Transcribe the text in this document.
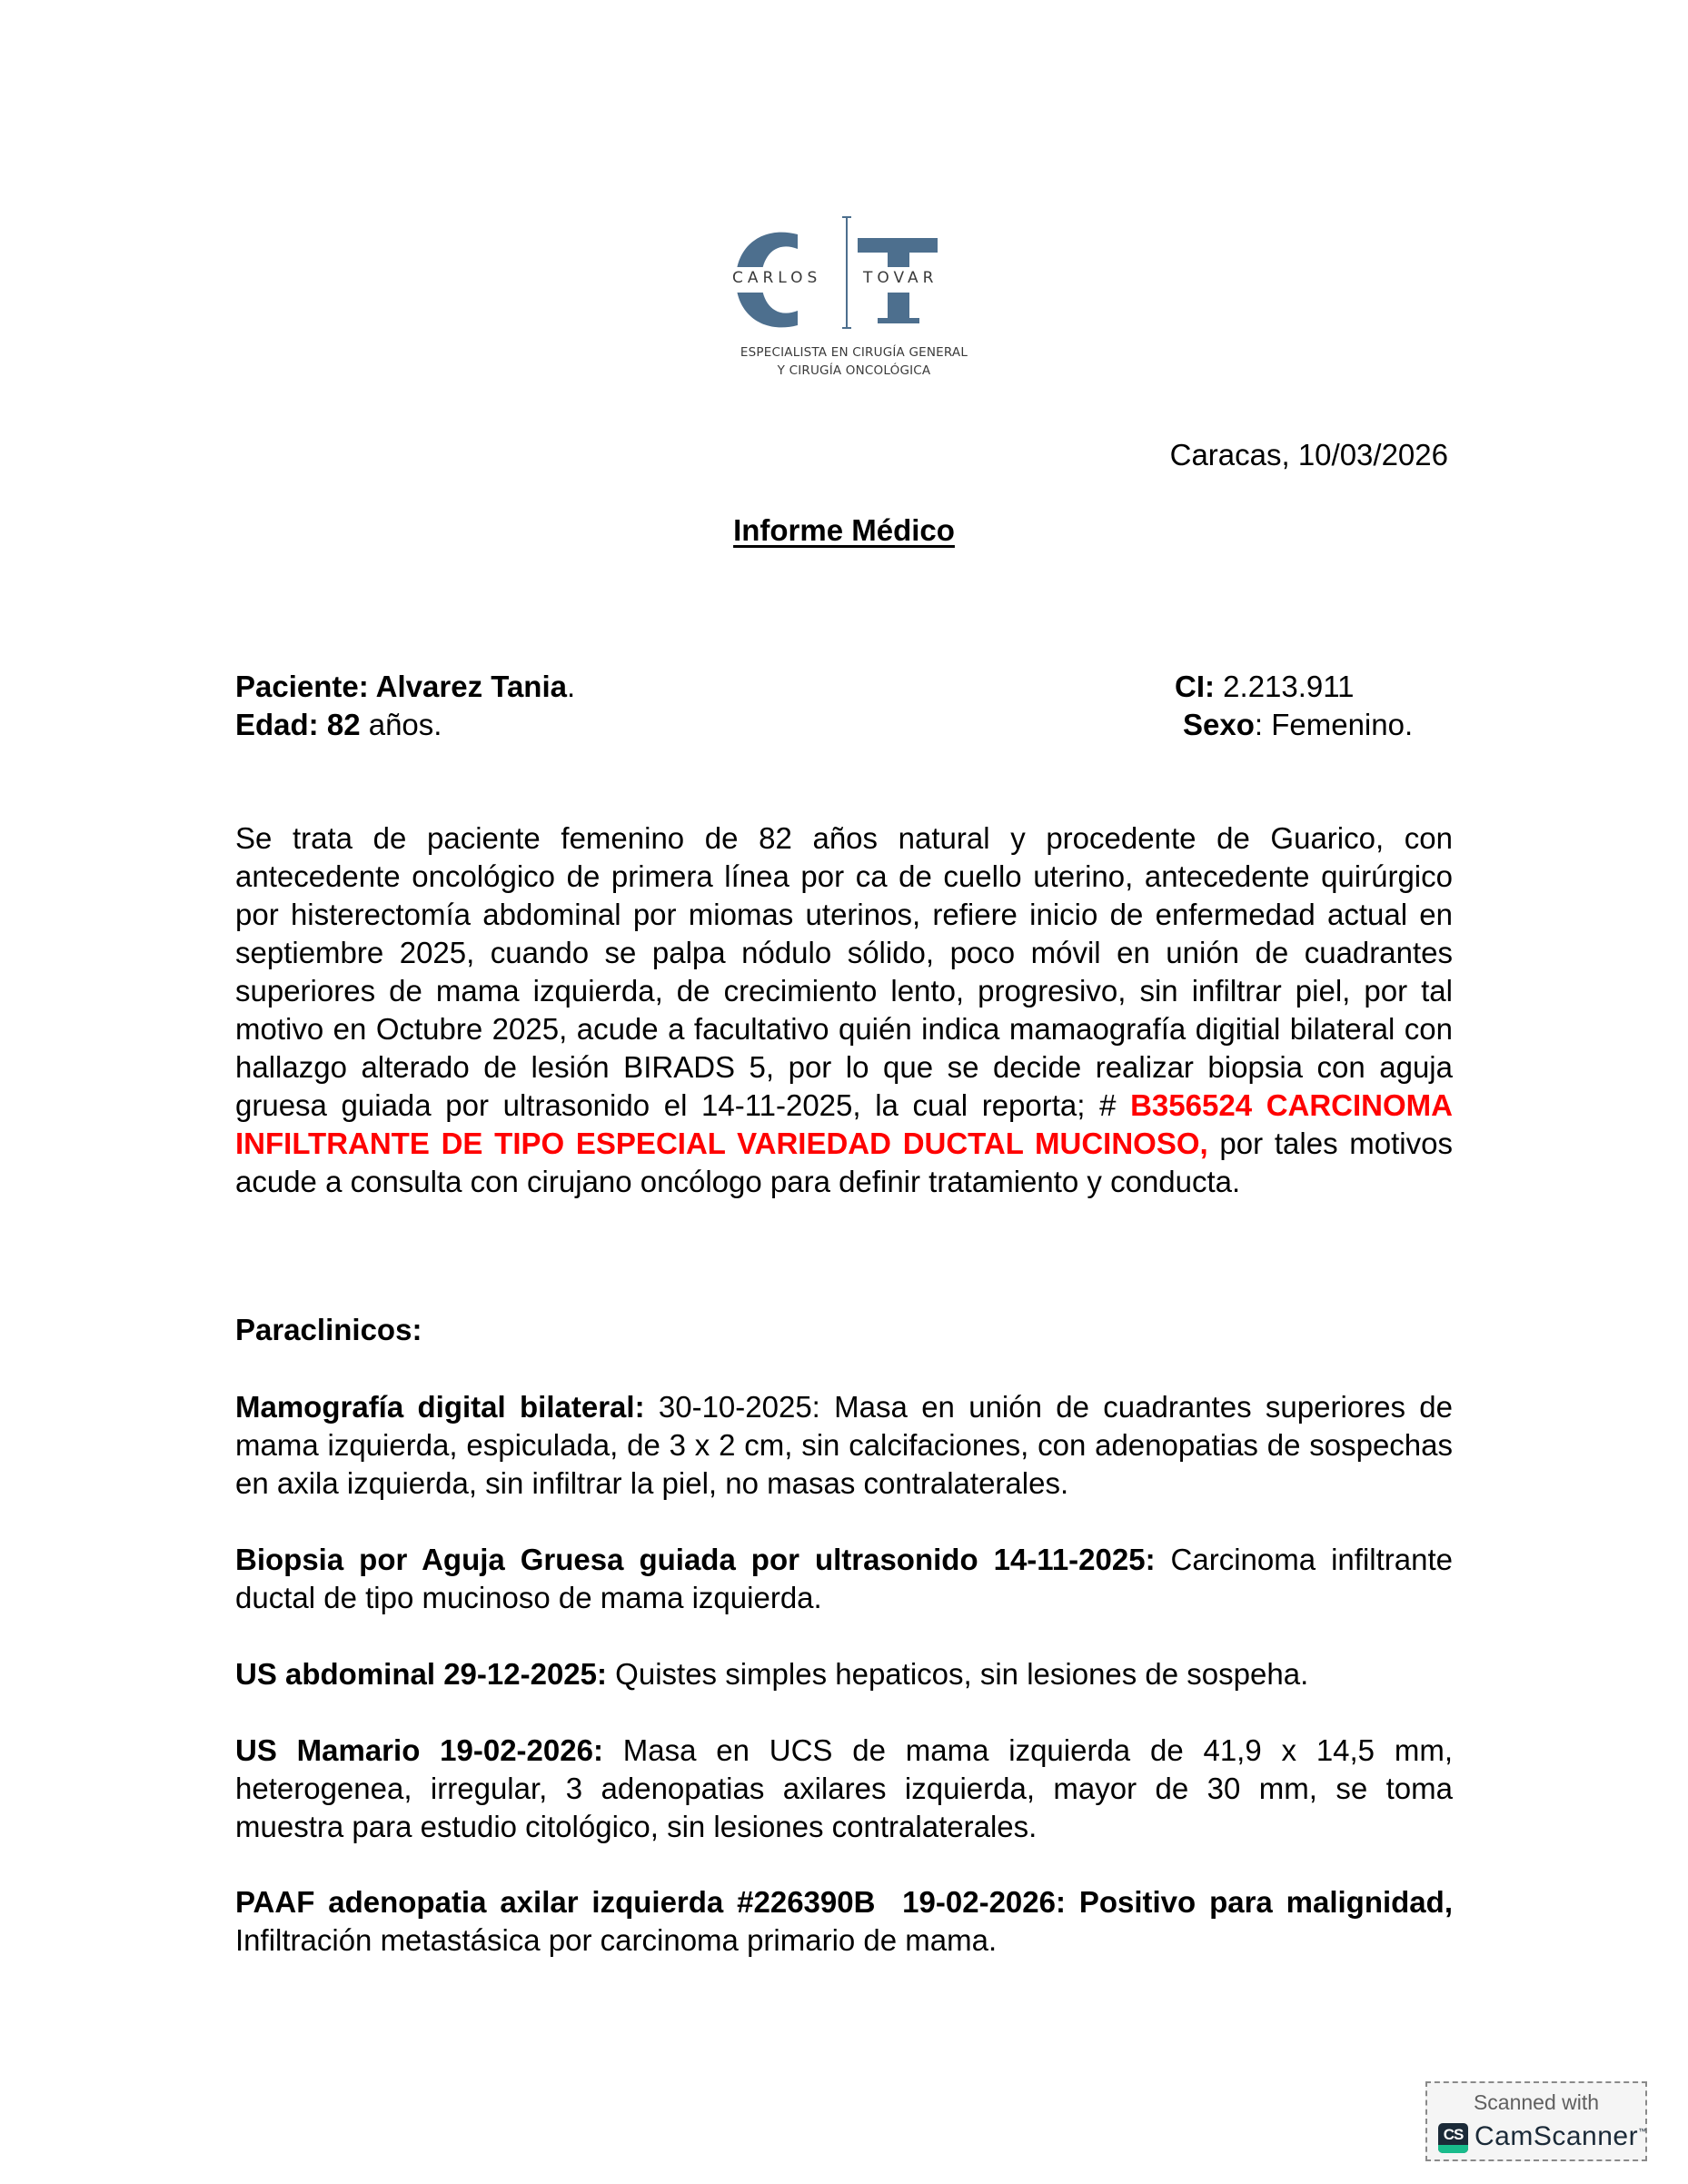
CARLOS	TOVAR
ESPECIALISTA EN CIRUGÍA GENERAL
Y CIRUGÍA ONCOLÓGICA
Caracas, 10/03/2026
Informe Médico
Paciente: Alvarez Tania.
Edad: 82 años.
CI: 2.213.911
Sexo: Femenino.
Se trata de paciente femenino de 82 años natural y procedente de Guarico, con antecedente oncológico de primera línea por ca de cuello uterino, antecedente quirúrgico por histerectomía abdominal por miomas uterinos, refiere inicio de enfermedad actual en septiembre 2025, cuando se palpa nódulo sólido, poco móvil en unión de cuadrantes superiores de mama izquierda, de crecimiento lento, progresivo, sin infiltrar piel, por tal motivo en Octubre 2025, acude a facultativo quién indica mamaografía digitial bilateral con hallazgo alterado de lesión BIRADS 5, por lo que se decide realizar biopsia con aguja gruesa guiada por ultrasonido el 14-11-2025, la cual reporta; # B356524 CARCINOMA INFILTRANTE DE TIPO ESPECIAL VARIEDAD DUCTAL MUCINOSO, por tales motivos acude a consulta con cirujano oncólogo para definir tratamiento y conducta.
Paraclinicos:
Mamografía digital bilateral: 30-10-2025: Masa en unión de cuadrantes superiores de mama izquierda, espiculada, de 3 x 2 cm, sin calcifaciones, con adenopatias de sospechas en axila izquierda, sin infiltrar la piel, no masas contralaterales.
Biopsia por Aguja Gruesa guiada por ultrasonido 14-11-2025: Carcinoma infiltrante ductal de tipo mucinoso de mama izquierda.
US abdominal 29-12-2025: Quistes simples hepaticos, sin lesiones de sospeha.
US Mamario 19-02-2026: Masa en UCS de mama izquierda de 41,9 x 14,5 mm, heterogenea, irregular, 3 adenopatias axilares izquierda, mayor de 30 mm, se toma muestra para estudio citológico, sin lesiones contralaterales.
PAAF adenopatia axilar izquierda #226390B  19-02-2026: Positivo para malignidad, Infiltración metastásica por carcinoma primario de mama.
Scanned with
CS CamScanner™
